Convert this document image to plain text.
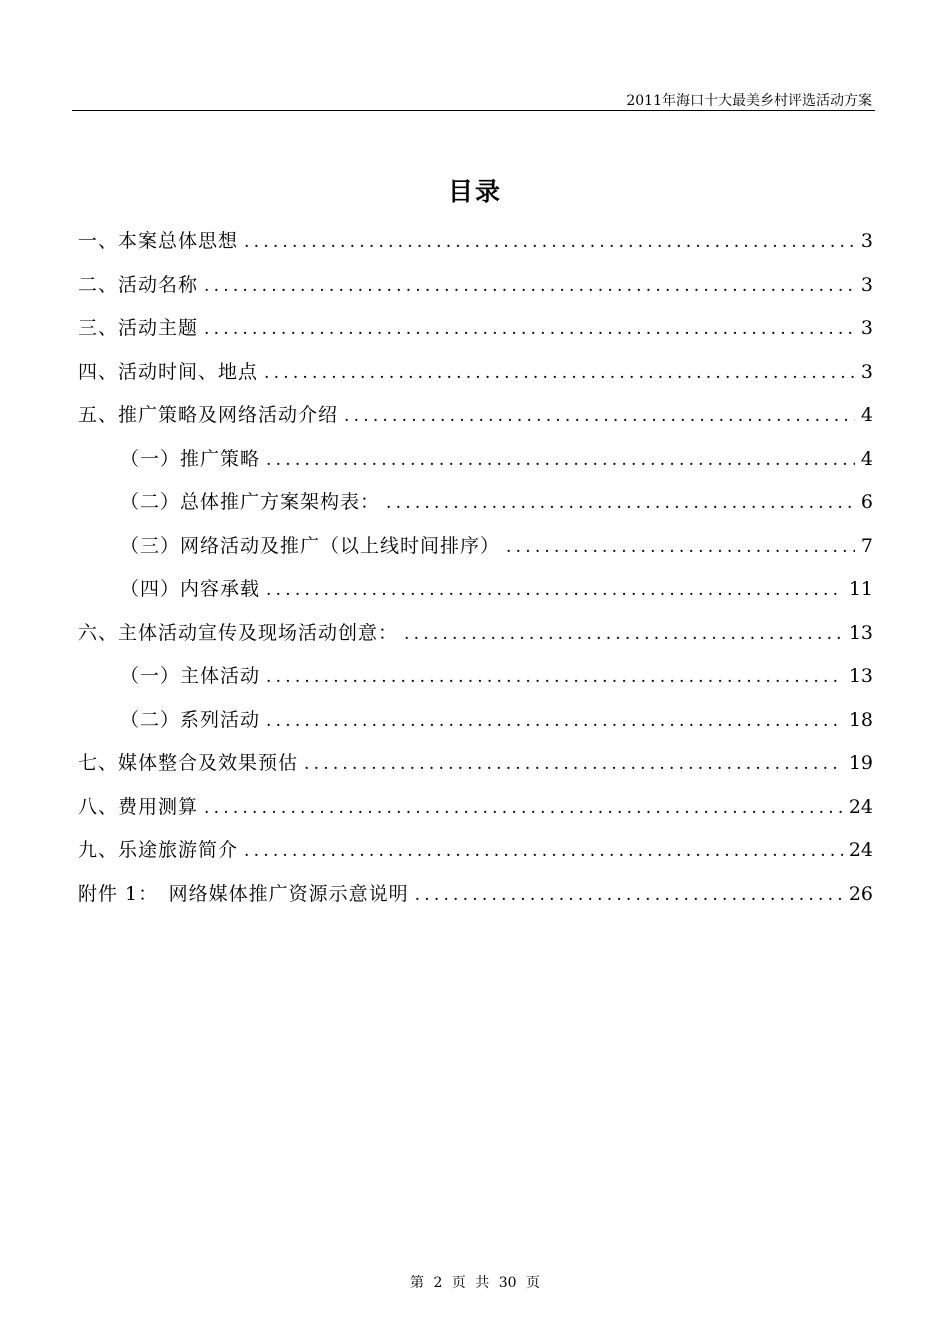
2011年海口十大最美乡村评选活动方案
目录
一、本案总体思想 .....	3
二、活动名称 .....	3
三、活动主题 .....	3
四、活动时间、地点 .....	3
五、推广策略及网络活动介绍 .....	4
（一）推广策略 .....	4
（二）总体推广方案架构表： .....	6
（三）网络活动及推广（以上线时间排序） .....	7
（四）内容承载 .....	11
六、主体活动宣传及现场活动创意： .....	13
（一）主体活动 .....	13
（二）系列活动 .....	18
七、媒体整合及效果预估 .....	19
八、费用测算 .....	24
九、乐途旅游简介 .....	24
附件 1：　网络媒体推广资源示意说明 .....	26
第 2 页 共 30 页
